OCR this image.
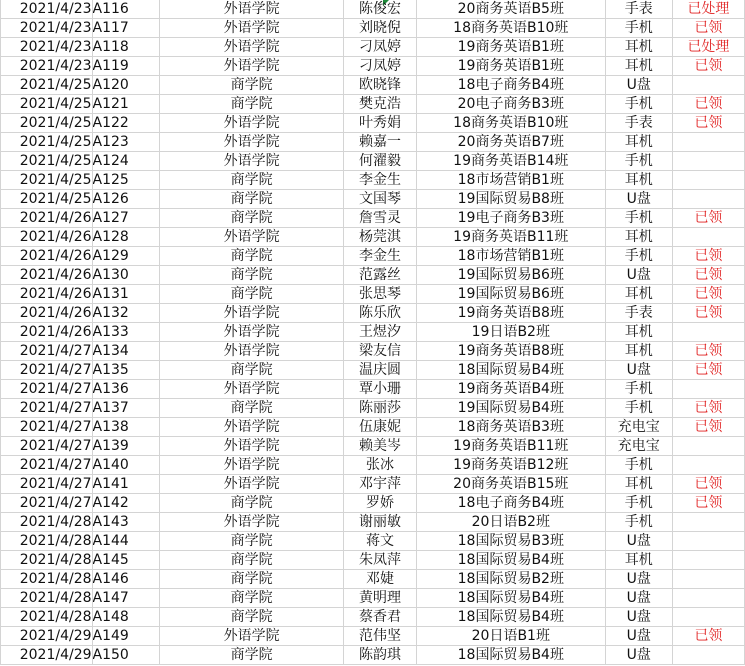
2021/4/23	A116	外语学院	陈俊宏	20商务英语B5班	手表	已处理
2021/4/23	A117	外语学院	刘晓倪	18商务英语B10班	手机	已领
2021/4/23	A118	外语学院	刁凤婷	19商务英语B1班	耳机	已处理
2021/4/23	A119	外语学院	刁凤婷	19商务英语B1班	耳机	已领
2021/4/25	A120	商学院	欧晓锋	18电子商务B4班	U盘	
2021/4/25	A121	商学院	樊克浩	20电子商务B3班	手机	已领
2021/4/25	A122	外语学院	叶秀娟	18商务英语B10班	手表	已领
2021/4/25	A123	外语学院	赖嘉一	20商务英语B7班	耳机	
2021/4/25	A124	外语学院	何濯毅	19商务英语B14班	手机	
2021/4/25	A125	商学院	李金生	18市场营销B1班	耳机	
2021/4/25	A126	商学院	文国琴	19国际贸易B8班	U盘	
2021/4/26	A127	商学院	詹雪灵	19电子商务B3班	手机	已领
2021/4/26	A128	外语学院	杨莞淇	19商务英语B11班	耳机	
2021/4/26	A129	商学院	李金生	18市场营销B1班	手机	已领
2021/4/26	A130	商学院	范露丝	19国际贸易B6班	U盘	已领
2021/4/26	A131	商学院	张思琴	19国际贸易B6班	耳机	已领
2021/4/26	A132	外语学院	陈乐欣	19商务英语B8班	手表	已领
2021/4/26	A133	外语学院	王煜汐	19日语B2班	耳机	
2021/4/27	A134	外语学院	梁友信	19商务英语B8班	耳机	已领
2021/4/27	A135	商学院	温庆圆	18国际贸易B4班	U盘	已领
2021/4/27	A136	外语学院	覃小珊	19商务英语B4班	手机	
2021/4/27	A137	商学院	陈丽莎	19国际贸易B4班	手机	已领
2021/4/27	A138	外语学院	伍康妮	18商务英语B3班	充电宝	已领
2021/4/27	A139	外语学院	赖美岑	19商务英语B11班	充电宝	
2021/4/27	A140	外语学院	张冰	19商务英语B12班	手机	
2021/4/27	A141	外语学院	邓宇萍	20商务英语B15班	耳机	已领
2021/4/27	A142	商学院	罗娇	18电子商务B4班	手机	已领
2021/4/28	A143	外语学院	谢丽敏	20日语B2班	手机	
2021/4/28	A144	商学院	蒋文	18国际贸易B3班	U盘	
2021/4/28	A145	商学院	朱凤萍	18国际贸易B4班	耳机	
2021/4/28	A146	商学院	邓婕	18国际贸易B2班	U盘	
2021/4/28	A147	商学院	黄明理	18国际贸易B4班	U盘	
2021/4/28	A148	商学院	蔡香君	18国际贸易B4班	U盘	
2021/4/29	A149	外语学院	范伟坚	20日语B1班	U盘	已领
2021/4/29	A150	商学院	陈韵琪	18国际贸易B4班	U盘	
